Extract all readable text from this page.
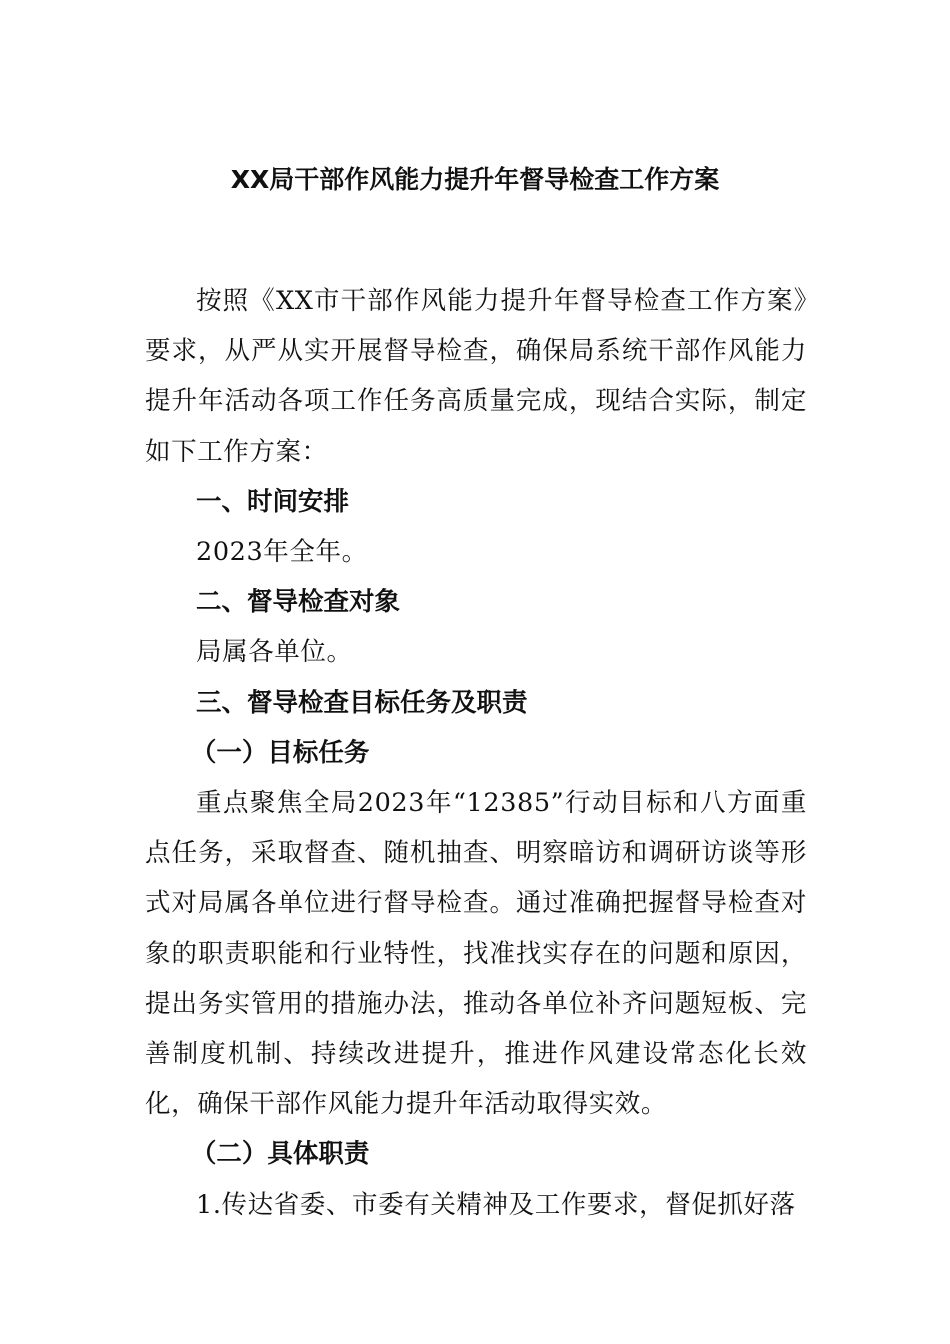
XX局干部作风能力提升年督导检查工作方案

按照《XX市干部作风能力提升年督导检查工作方案》要求，从严从实开展督导检查，确保局系统干部作风能力提升年活动各项工作任务高质量完成，现结合实际，制定如下工作方案：

一、时间安排

2023年全年。

二、督导检查对象

局属各单位。

三、督导检查目标任务及职责

（一）目标任务

重点聚焦全局2023年“12385”行动目标和八方面重点任务，采取督查、随机抽查、明察暗访和调研访谈等形式对局属各单位进行督导检查。通过准确把握督导检查对象的职责职能和行业特性，找准找实存在的问题和原因，提出务实管用的措施办法，推动各单位补齐问题短板、完善制度机制、持续改进提升，推进作风建设常态化长效化，确保干部作风能力提升年活动取得实效。

（二）具体职责

1.传达省委、市委有关精神及工作要求，督促抓好落
